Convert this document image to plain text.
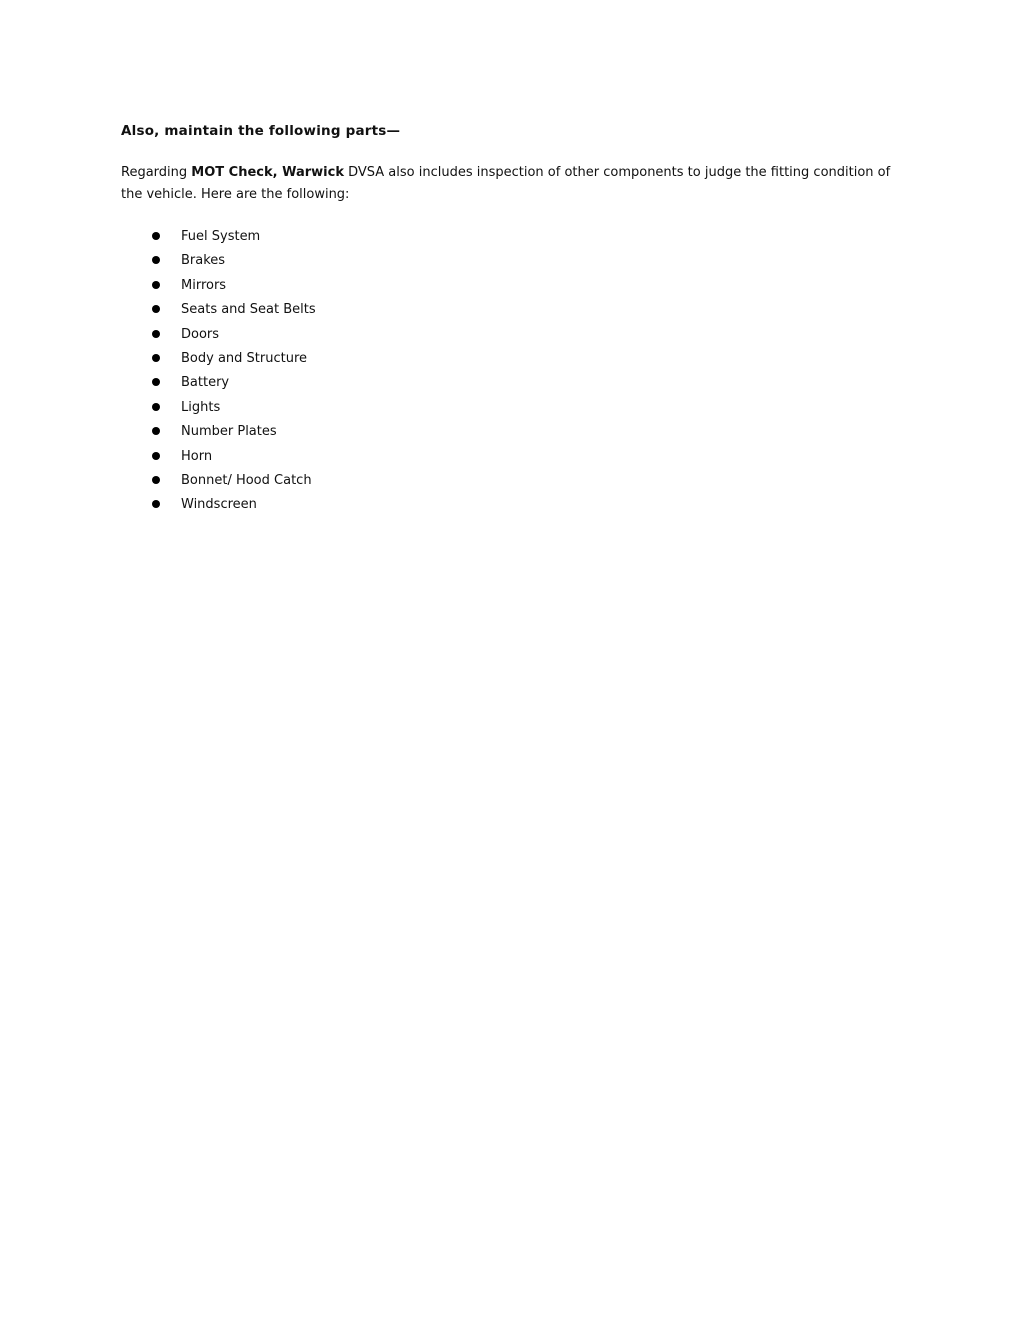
Also, maintain the following parts—

Regarding MOT Check, Warwick DVSA also includes inspection of other components to judge the fitting condition of the vehicle. Here are the following:

Fuel System
Brakes
Mirrors
Seats and Seat Belts
Doors
Body and Structure
Battery
Lights
Number Plates
Horn
Bonnet/ Hood Catch
Windscreen
